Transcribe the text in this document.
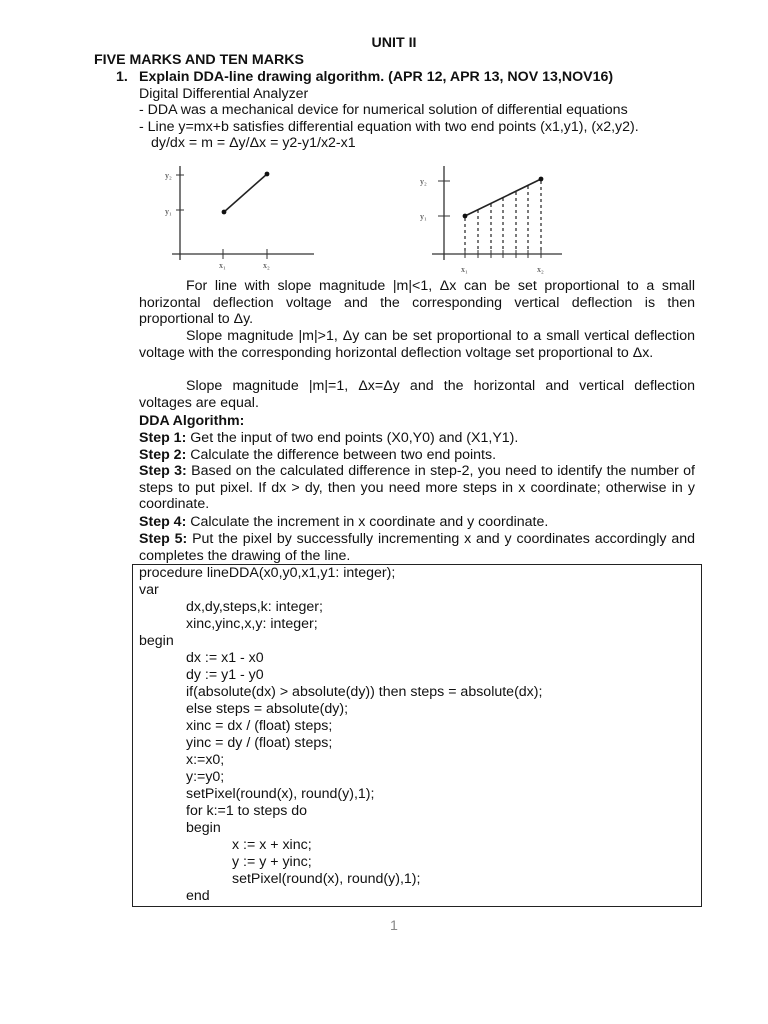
UNIT II
FIVE MARKS AND TEN MARKS
1. Explain DDA-line drawing algorithm. (APR 12, APR 13, NOV 13,NOV16)
Digital Differential Analyzer
- DDA was a mechanical device for numerical solution of differential equations
- Line y=mx+b satisfies differential equation with two end points (x1,y1), (x2,y2).
dy/dx = m = Δy/Δx = y2-y1/x2-x1
y₂
y₁
x₁	x₂
y₂
y₁
x₁	x₂
For line with slope magnitude |m|<1, Δx can be set proportional to a small horizontal deflection voltage and the corresponding vertical deflection is then proportional to Δy.
Slope magnitude |m|>1, Δy can be set proportional to a small vertical deflection voltage with the corresponding horizontal deflection voltage set proportional to Δx.
Slope magnitude |m|=1, Δx=Δy and the horizontal and vertical deflection voltages are equal.
DDA Algorithm:
Step 1: Get the input of two end points (X0,Y0) and (X1,Y1).
Step 2: Calculate the difference between two end points.
Step 3: Based on the calculated difference in step-2, you need to identify the number of steps to put pixel. If dx > dy, then you need more steps in x coordinate; otherwise in y coordinate.
Step 4: Calculate the increment in x coordinate and y coordinate.
Step 5: Put the pixel by successfully incrementing x and y coordinates accordingly and completes the drawing of the line.
procedure lineDDA(x0,y0,x1,y1: integer);
var
dx,dy,steps,k: integer;
xinc,yinc,x,y: integer;
begin
dx := x1 - x0
dy := y1 - y0
if(absolute(dx) > absolute(dy)) then steps = absolute(dx);
else steps = absolute(dy);
xinc = dx / (float) steps;
yinc = dy / (float) steps;
x:=x0;
y:=y0;
setPixel(round(x), round(y),1);
for k:=1 to steps do
begin
x := x + xinc;
y := y + yinc;
setPixel(round(x), round(y),1);
end
1
